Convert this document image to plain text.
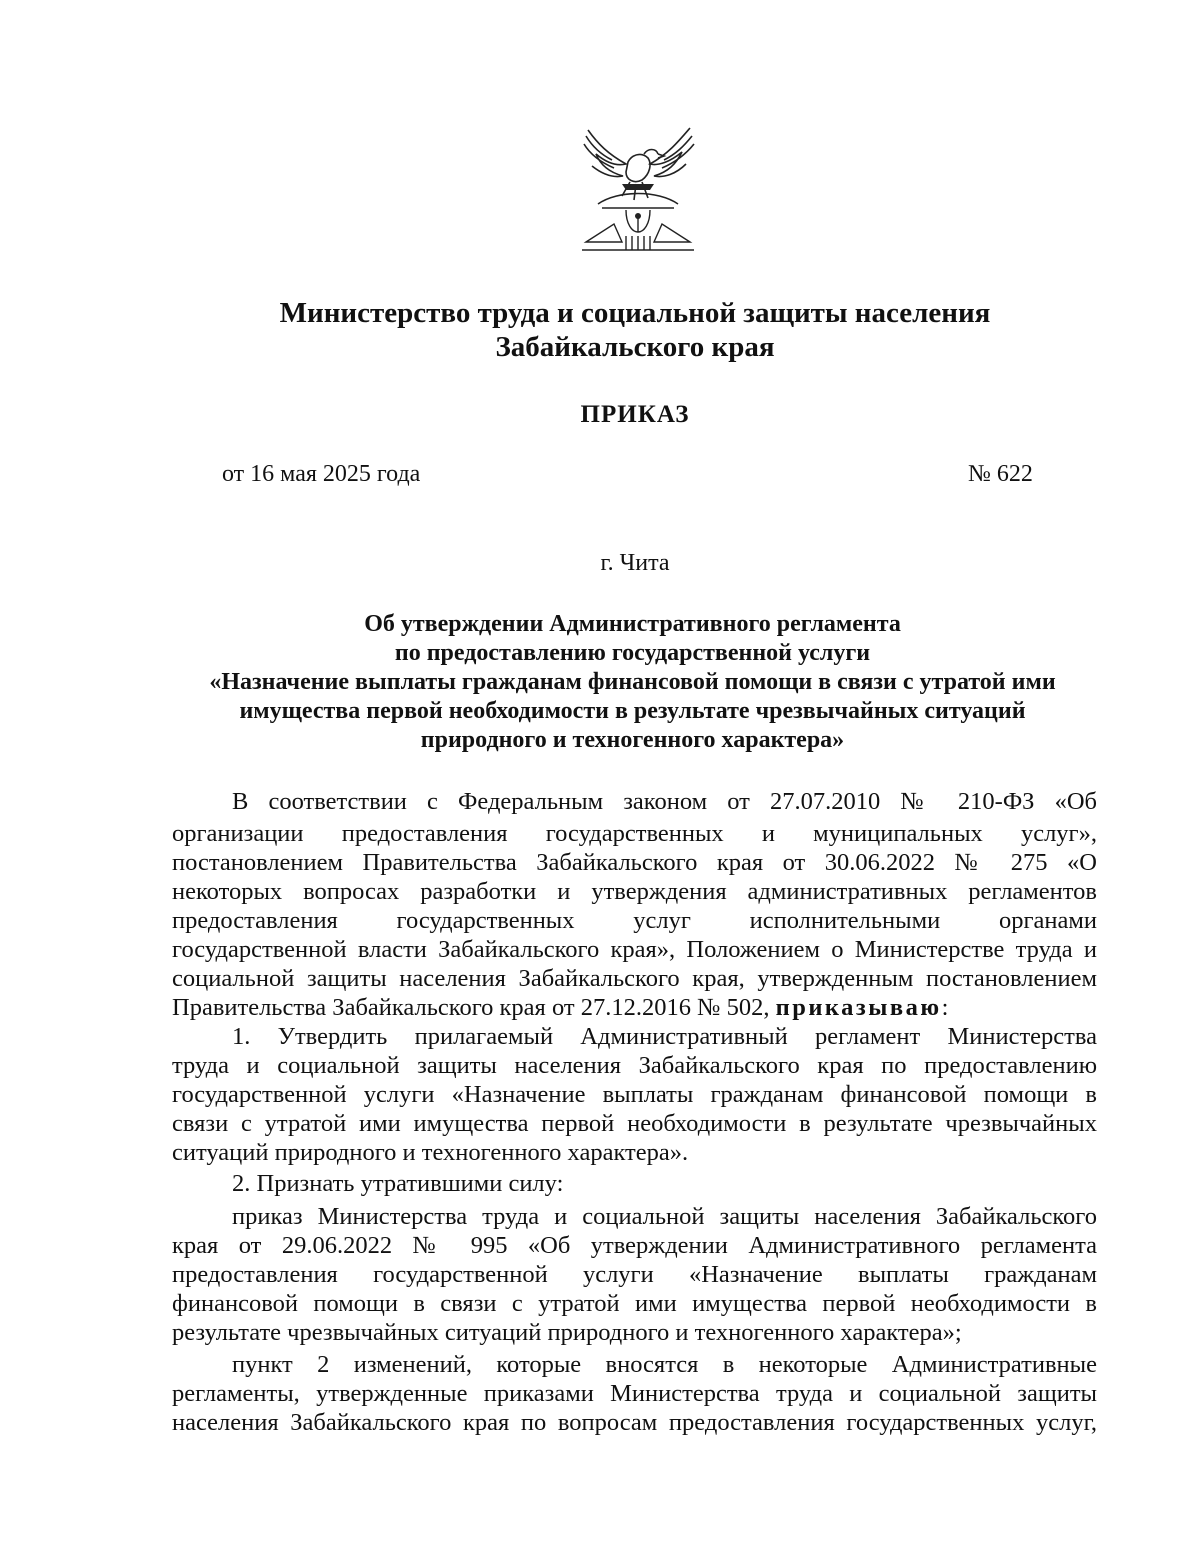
Министерство труда и социальной защиты населения
Забайкальского края
ПРИКАЗ
от 16 мая 2025 года	№ 622
г. Чита
Об утверждении Административного регламента
по предоставлению государственной услуги
«Назначение выплаты гражданам финансовой помощи в связи с утратой ими
имущества первой необходимости в результате чрезвычайных ситуаций
природного и техногенного характера»
В соответствии с Федеральным законом от 27.07.2010 № 210-ФЗ «Об
организации предоставления государственных и муниципальных услуг»,
постановлением Правительства Забайкальского края от 30.06.2022 № 275 «О
некоторых вопросах разработки и утверждения административных регламентов
предоставления государственных услуг исполнительными органами
государственной власти Забайкальского края», Положением о Министерстве труда и
социальной защиты населения Забайкальского края, утвержденным постановлением
Правительства Забайкальского края от 27.12.2016 № 502, приказываю:
1. Утвердить прилагаемый Административный регламент Министерства
труда и социальной защиты населения Забайкальского края по предоставлению
государственной услуги «Назначение выплаты гражданам финансовой помощи в
связи с утратой ими имущества первой необходимости в результате чрезвычайных
ситуаций природного и техногенного характера».
2. Признать утратившими силу:
приказ Министерства труда и социальной защиты населения Забайкальского
края от 29.06.2022 № 995 «Об утверждении Административного регламента
предоставления государственной услуги «Назначение выплаты гражданам
финансовой помощи в связи с утратой ими имущества первой необходимости в
результате чрезвычайных ситуаций природного и техногенного характера»;
пункт 2 изменений, которые вносятся в некоторые Административные
регламенты, утвержденные приказами Министерства труда и социальной защиты
населения Забайкальского края по вопросам предоставления государственных услуг,
